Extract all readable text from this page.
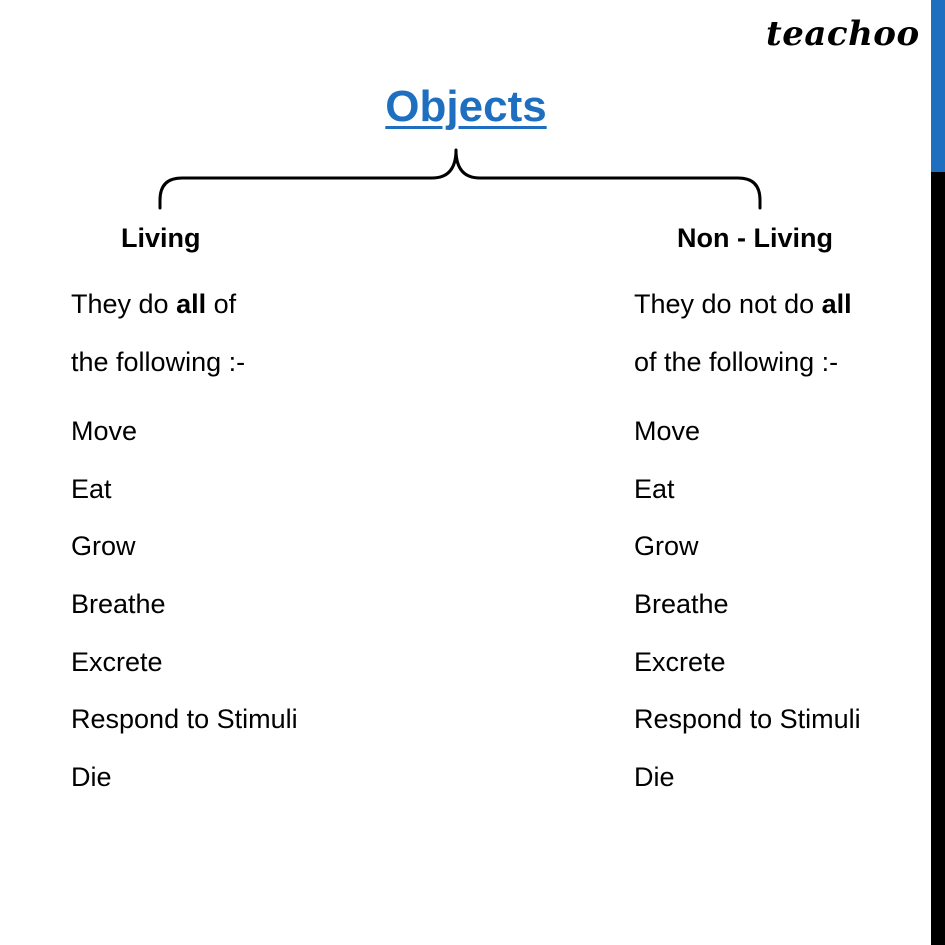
teachoo
Objects
Living
They do all of
the following :-
Move
Eat
Grow
Breathe
Excrete
Respond to Stimuli
Die
Non - Living
They do not do all
of the following :-
Move
Eat
Grow
Breathe
Excrete
Respond to Stimuli
Die
